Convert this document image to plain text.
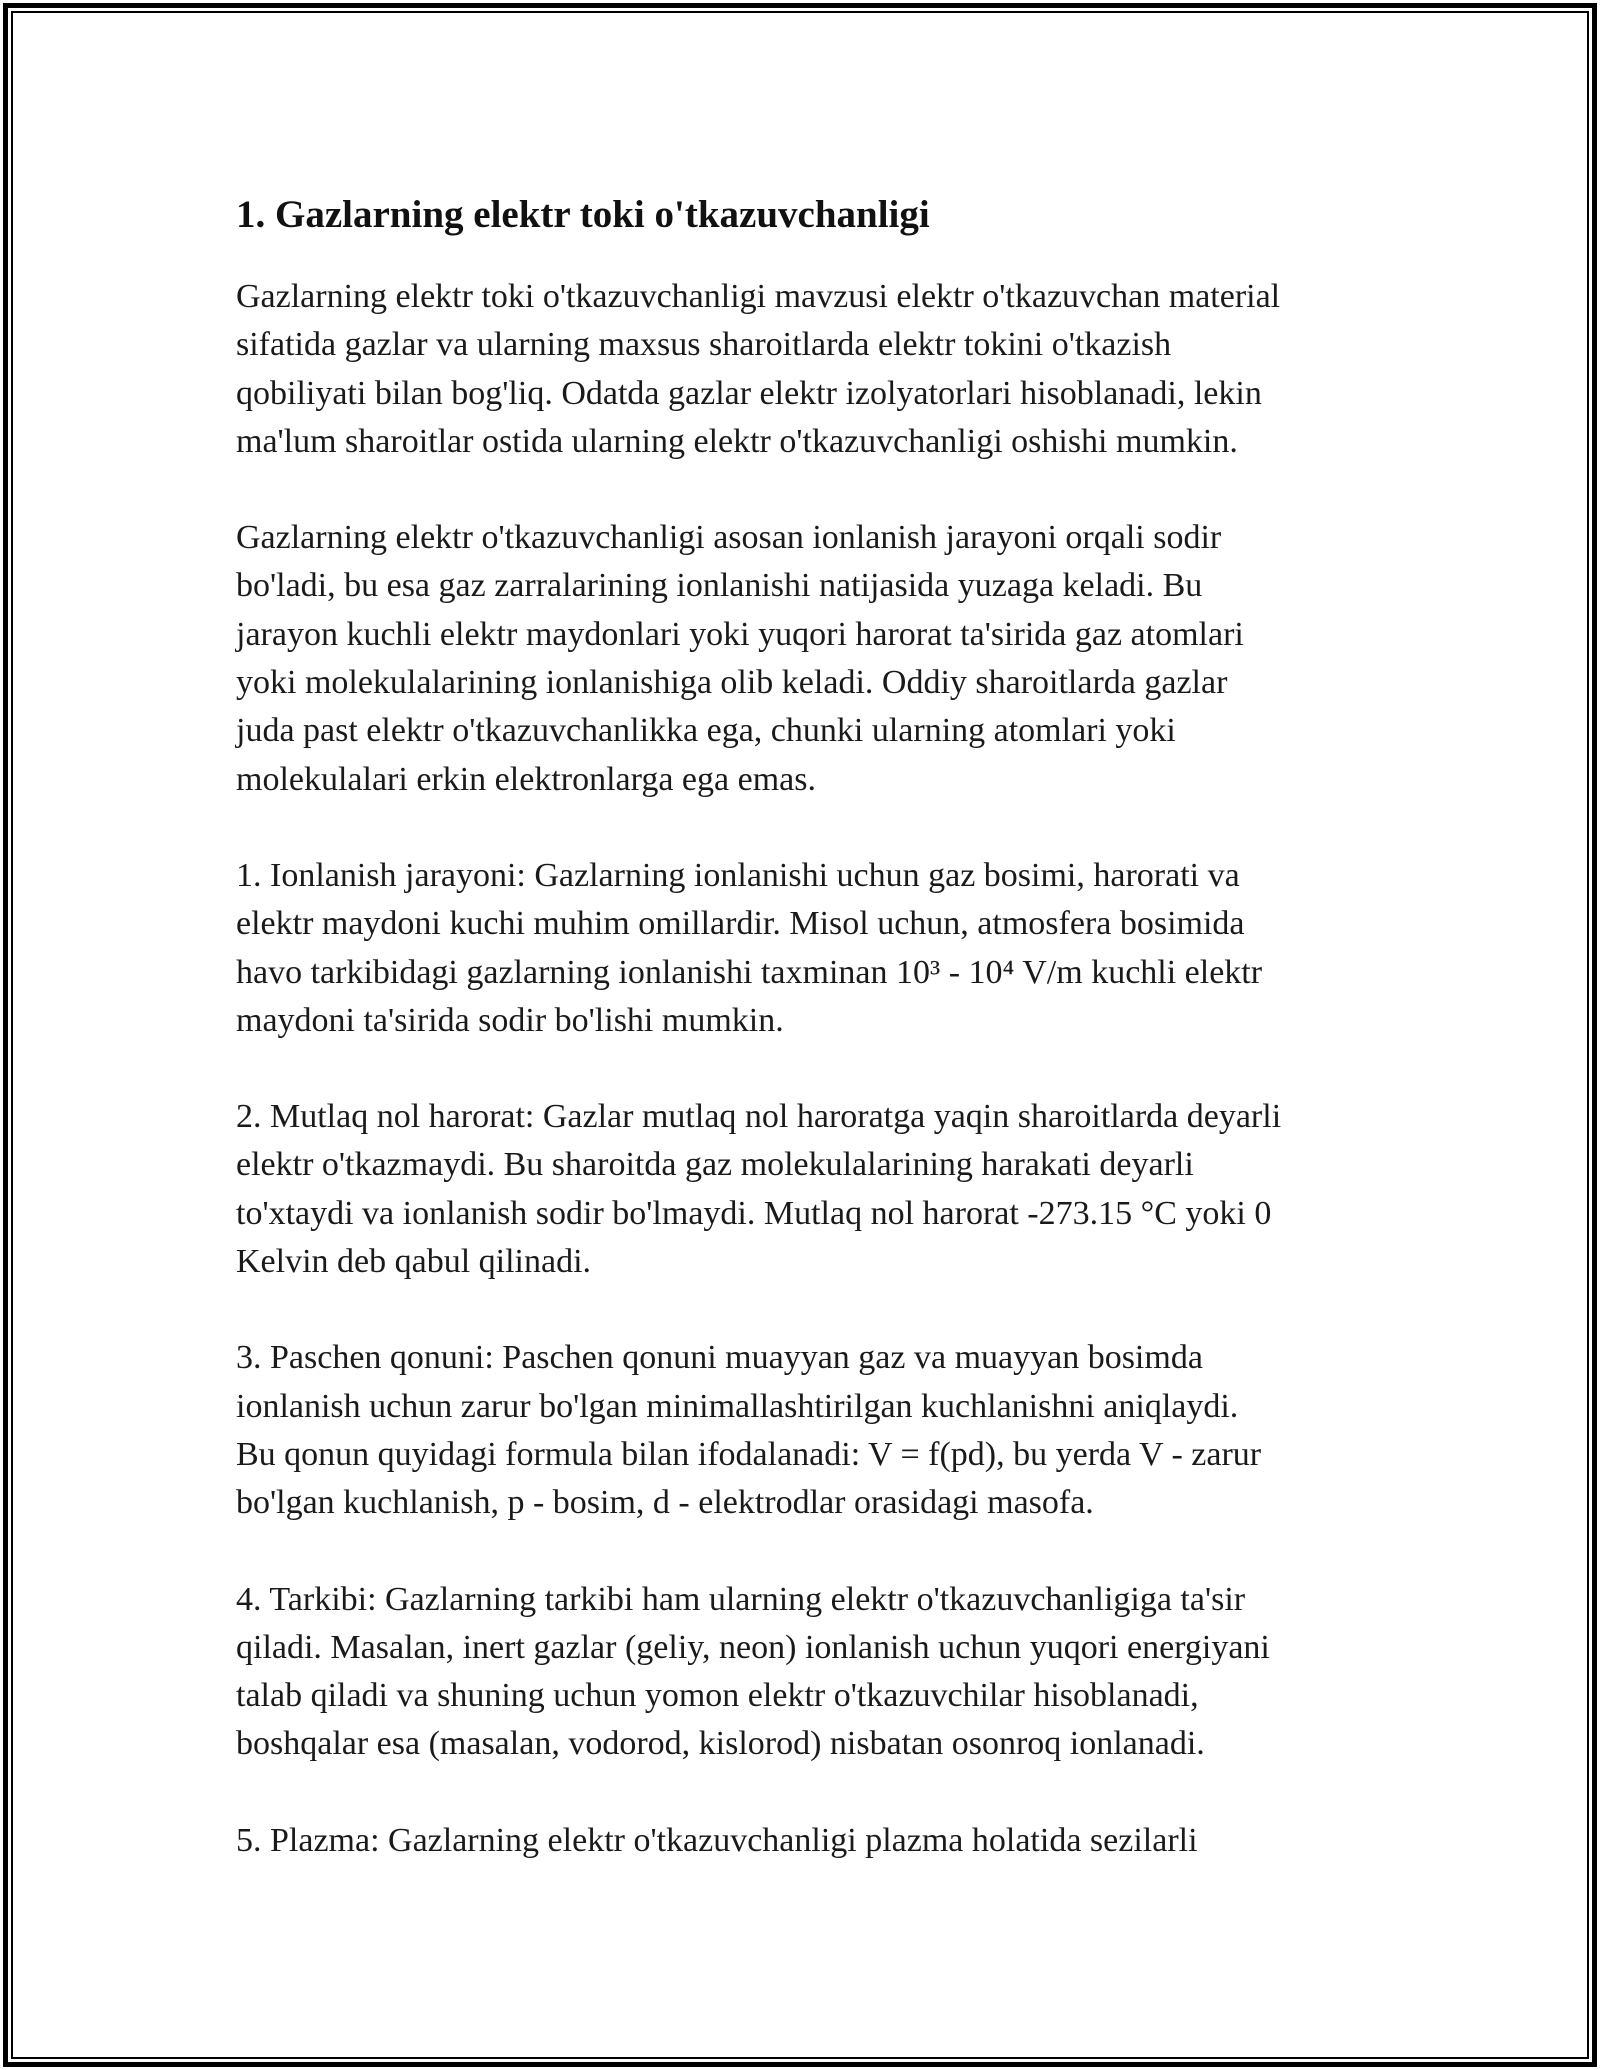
1. Gazlarning elektr toki o'tkazuvchanligi

Gazlarning elektr toki o'tkazuvchanligi mavzusi elektr o'tkazuvchan material
sifatida gazlar va ularning maxsus sharoitlarda elektr tokini o'tkazish
qobiliyati bilan bog'liq. Odatda gazlar elektr izolyatorlari hisoblanadi, lekin
ma'lum sharoitlar ostida ularning elektr o'tkazuvchanligi oshishi mumkin.

Gazlarning elektr o'tkazuvchanligi asosan ionlanish jarayoni orqali sodir
bo'ladi, bu esa gaz zarralarining ionlanishi natijasida yuzaga keladi. Bu
jarayon kuchli elektr maydonlari yoki yuqori harorat ta'sirida gaz atomlari
yoki molekulalarining ionlanishiga olib keladi. Oddiy sharoitlarda gazlar
juda past elektr o'tkazuvchanlikka ega, chunki ularning atomlari yoki
molekulalari erkin elektronlarga ega emas.

1. Ionlanish jarayoni: Gazlarning ionlanishi uchun gaz bosimi, harorati va
elektr maydoni kuchi muhim omillardir. Misol uchun, atmosfera bosimida
havo tarkibidagi gazlarning ionlanishi taxminan 10³ - 10⁴ V/m kuchli elektr
maydoni ta'sirida sodir bo'lishi mumkin.

2. Mutlaq nol harorat: Gazlar mutlaq nol haroratga yaqin sharoitlarda deyarli
elektr o'tkazmaydi. Bu sharoitda gaz molekulalarining harakati deyarli
to'xtaydi va ionlanish sodir bo'lmaydi. Mutlaq nol harorat -273.15 °C yoki 0
Kelvin deb qabul qilinadi.

3. Paschen qonuni: Paschen qonuni muayyan gaz va muayyan bosimda
ionlanish uchun zarur bo'lgan minimallashtirilgan kuchlanishni aniqlaydi.
Bu qonun quyidagi formula bilan ifodalanadi: V = f(pd), bu yerda V - zarur
bo'lgan kuchlanish, p - bosim, d - elektrodlar orasidagi masofa.

4. Tarkibi: Gazlarning tarkibi ham ularning elektr o'tkazuvchanligiga ta'sir
qiladi. Masalan, inert gazlar (geliy, neon) ionlanish uchun yuqori energiyani
talab qiladi va shuning uchun yomon elektr o'tkazuvchilar hisoblanadi,
boshqalar esa (masalan, vodorod, kislorod) nisbatan osonroq ionlanadi.

5. Plazma: Gazlarning elektr o'tkazuvchanligi plazma holatida sezilarli
